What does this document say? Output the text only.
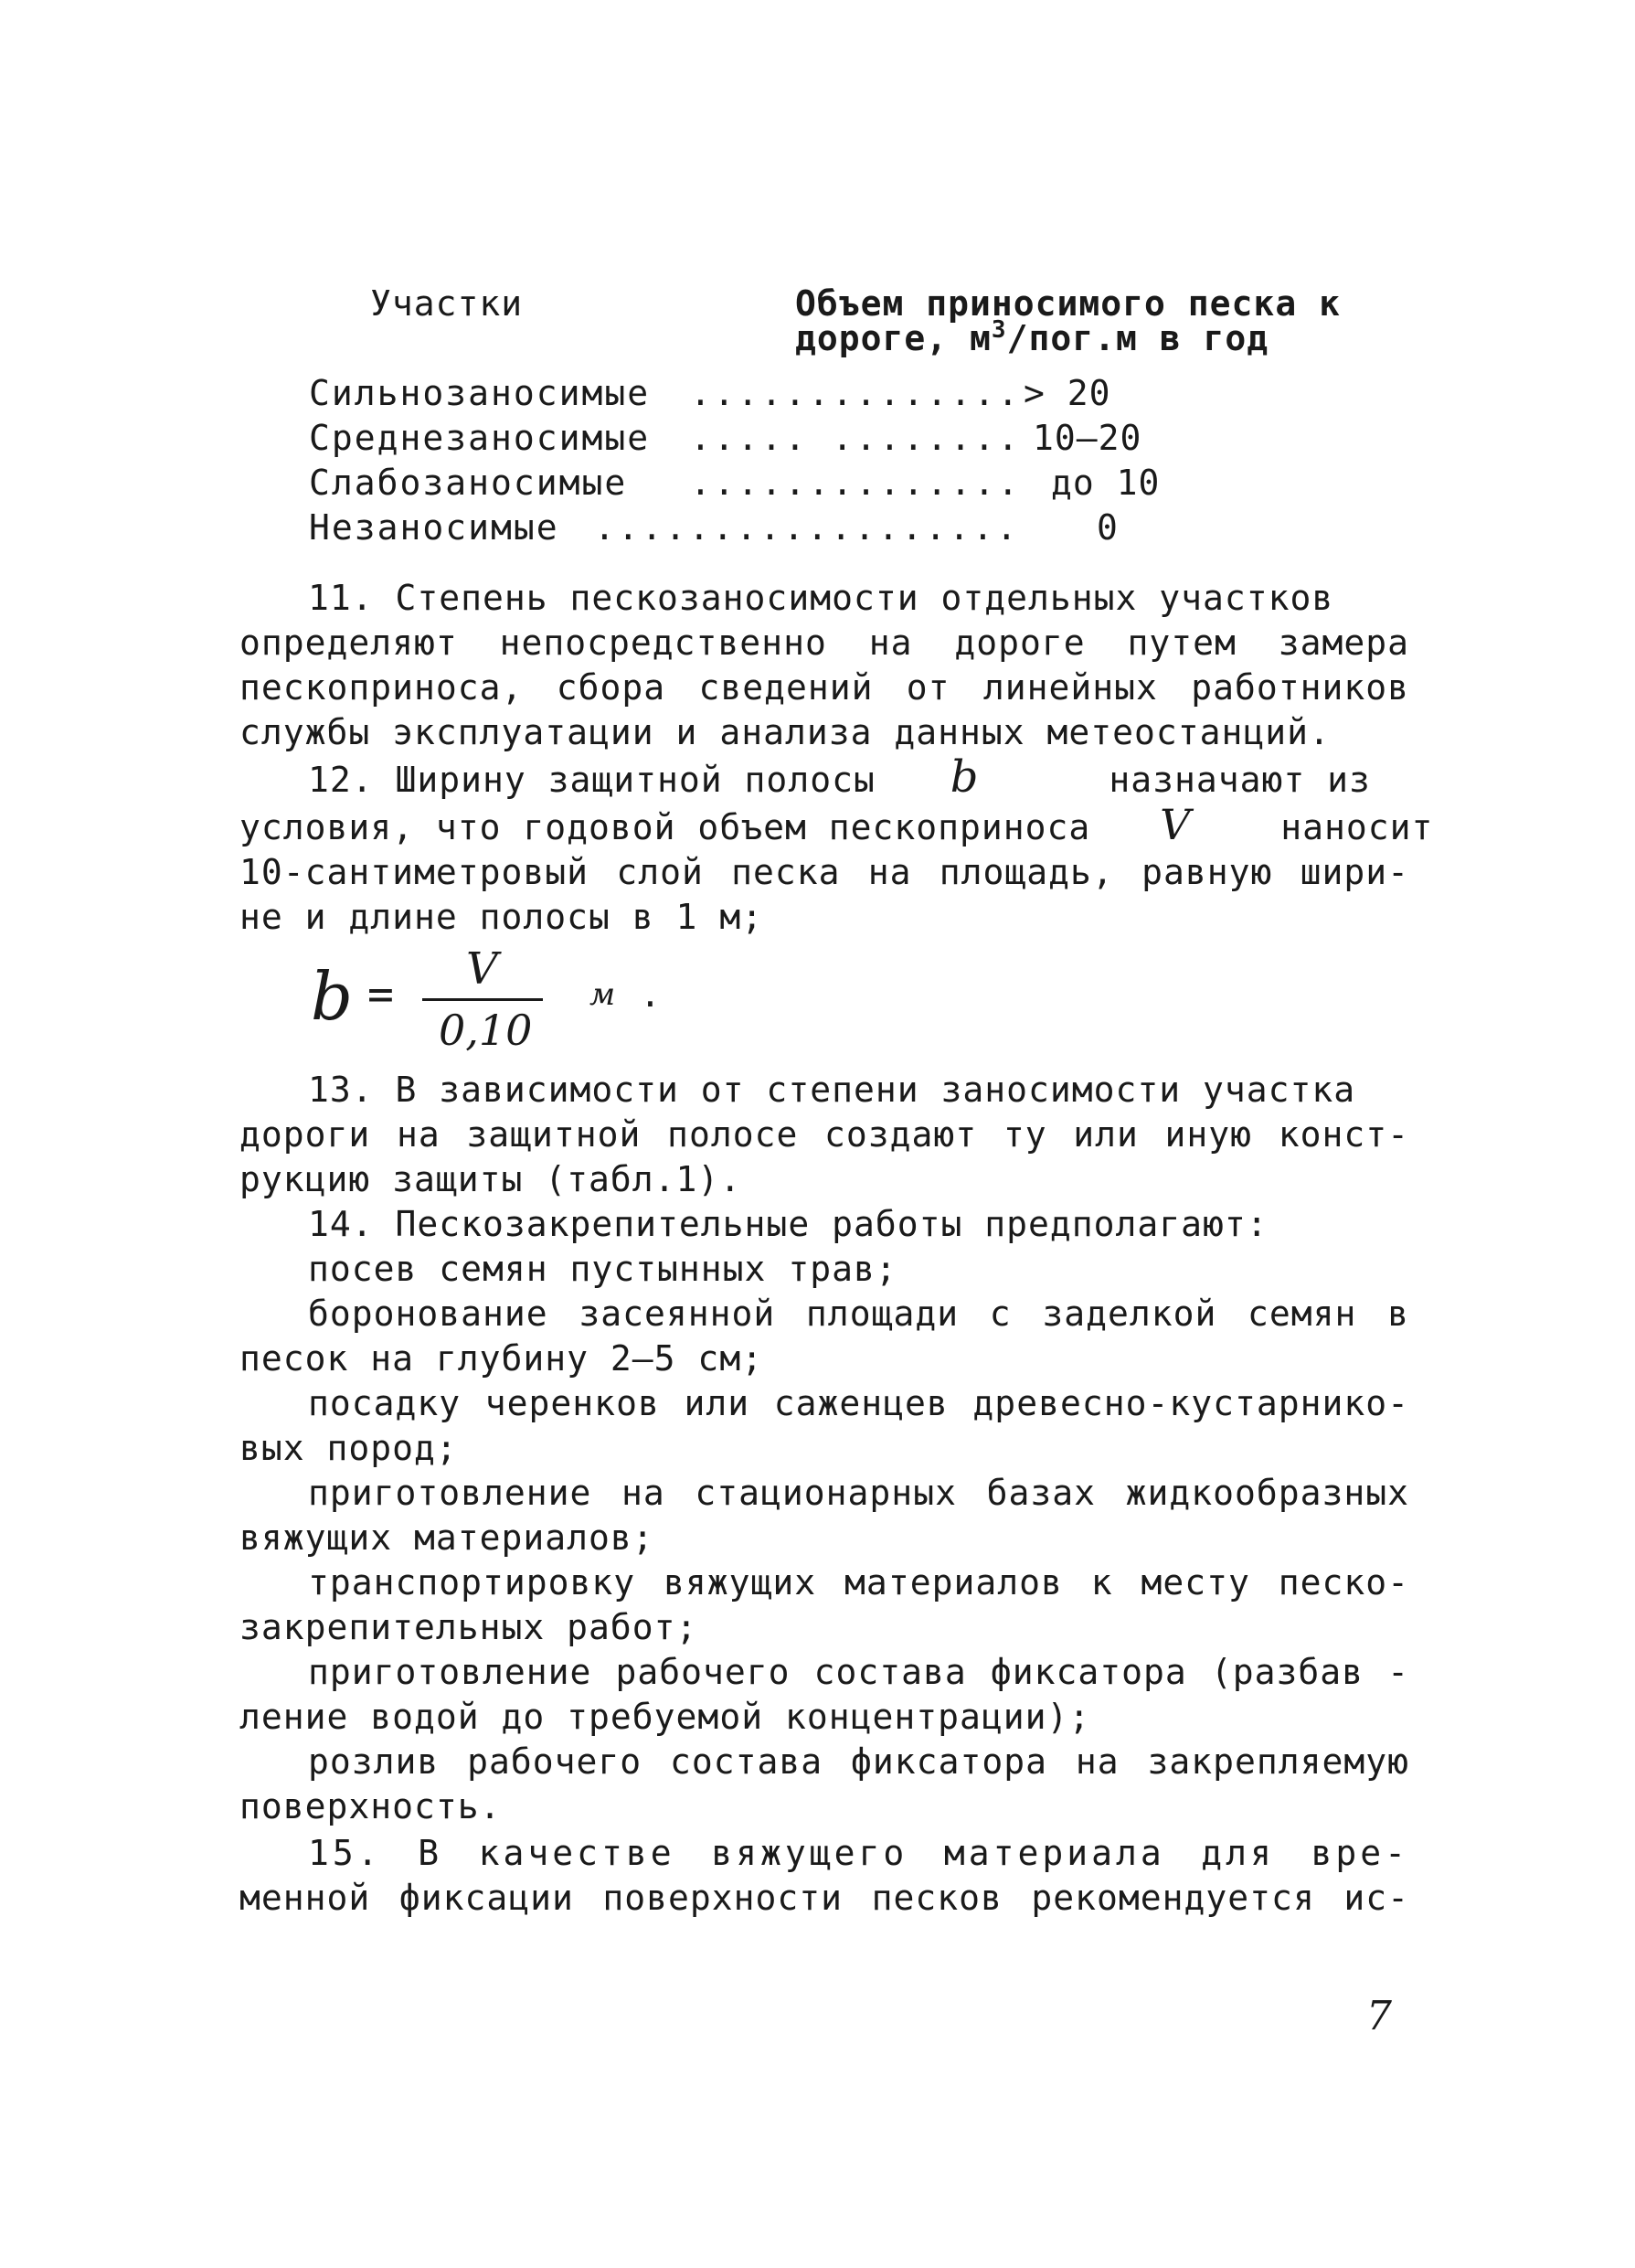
Участки	Объем приносимого песка к
дороге, $м^3/пог.м$ в год
Сильнозаносимые .............. > 20
Среднезаносимые ..... ........ 10–20
Слабозаносимые .............. до 10
Незаносимые .................. 0
11. Степень пескозаносимости отдельных участков
определяют непосредственно на дороге путем замера
пескоприноса, сбора сведений от линейных работников
службы эксплуатации и анализа данных метеостанций.
12. Ширину защитной полосы b	назначают из
условия, что годовой объем пескоприноса V	наносит
10-сантиметровый слой песка на площадь, равную шири-
не и длине полосы в 1 м;
b = V
0,10
м .
13. В зависимости от степени заносимости участка
дороги на защитной полосе создают ту или иную конст-
рукцию защиты (табл.1).
14. Пескозакрепительные работы предполагают:
посев семян пустынных трав;
боронование засеянной площади с заделкой семян в
песок на глубину 2–5 см;
посадку черенков или саженцев древесно-кустарнико-
вых пород;
приготовление на стационарных базах жидкообразных
вяжущих материалов;
транспортировку вяжущих материалов к месту песко-
закрепительных работ;
приготовление рабочего состава фиксатора (разбав -
ление водой до требуемой концентрации);
розлив рабочего состава фиксатора на закрепляемую
поверхность.
15. В качестве вяжущего материала для вре-
менной фиксации поверхности песков рекомендуется ис-
7
